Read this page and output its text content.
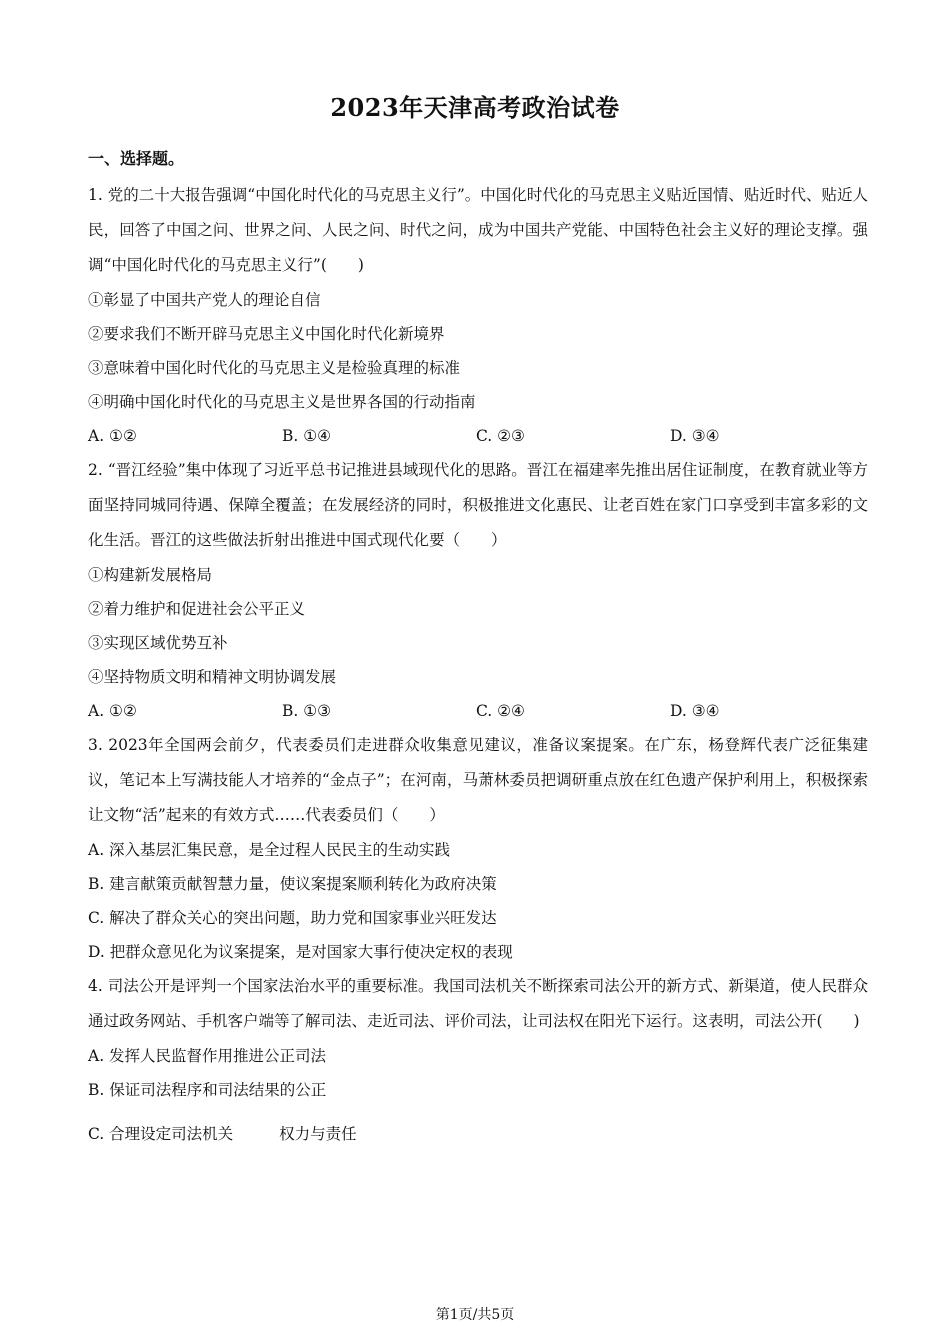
2023年天津高考政治试卷
一、选择题。

1. 党的二十大报告强调“中国化时代化的马克思主义行”。中国化时代化的马克思主义贴近国情、贴近时代、贴近人民，回答了中国之问、世界之问、人民之问、时代之问，成为中国共产党能、中国特色社会主义好的理论支撑。强调“中国化时代化的马克思主义行”(　　)

①彰显了中国共产党人的理论自信

②要求我们不断开辟马克思主义中国化时代化新境界

③意味着中国化时代化的马克思主义是检验真理的标准

④明确中国化时代化的马克思主义是世界各国的行动指南

A. ①②	B. ①④	C. ②③	D. ③④

2. “晋江经验”集中体现了习近平总书记推进县域现代化的思路。晋江在福建率先推出居住证制度，在教育就业等方面坚持同城同待遇、保障全覆盖；在发展经济的同时，积极推进文化惠民、让老百姓在家门口享受到丰富多彩的文化生活。晋江的这些做法折射出推进中国式现代化要（　　）

①构建新发展格局

②着力维护和促进社会公平正义

③实现区域优势互补

④坚持物质文明和精神文明协调发展

A. ①②	B. ①③	C. ②④	D. ③④

3. 2023年全国两会前夕，代表委员们走进群众收集意见建议，准备议案提案。在广东，杨登辉代表广泛征集建议，笔记本上写满技能人才培养的“金点子”；在河南，马萧林委员把调研重点放在红色遗产保护利用上，积极探索让文物“活”起来的有效方式……代表委员们（　　）

A. 深入基层汇集民意，是全过程人民民主的生动实践

B. 建言献策贡献智慧力量，使议案提案顺利转化为政府决策

C. 解决了群众关心的突出问题，助力党和国家事业兴旺发达

D. 把群众意见化为议案提案，是对国家大事行使决定权的表现

4. 司法公开是评判一个国家法治水平的重要标准。我国司法机关不断探索司法公开的新方式、新渠道，使人民群众通过政务网站、手机客户端等了解司法、走近司法、评价司法，让司法权在阳光下运行。这表明，司法公开(　　)

A. 发挥人民监督作用推进公正司法

B. 保证司法程序和司法结果的公正

C. 合理设定司法机关	权力与责任

第1页/共5页
